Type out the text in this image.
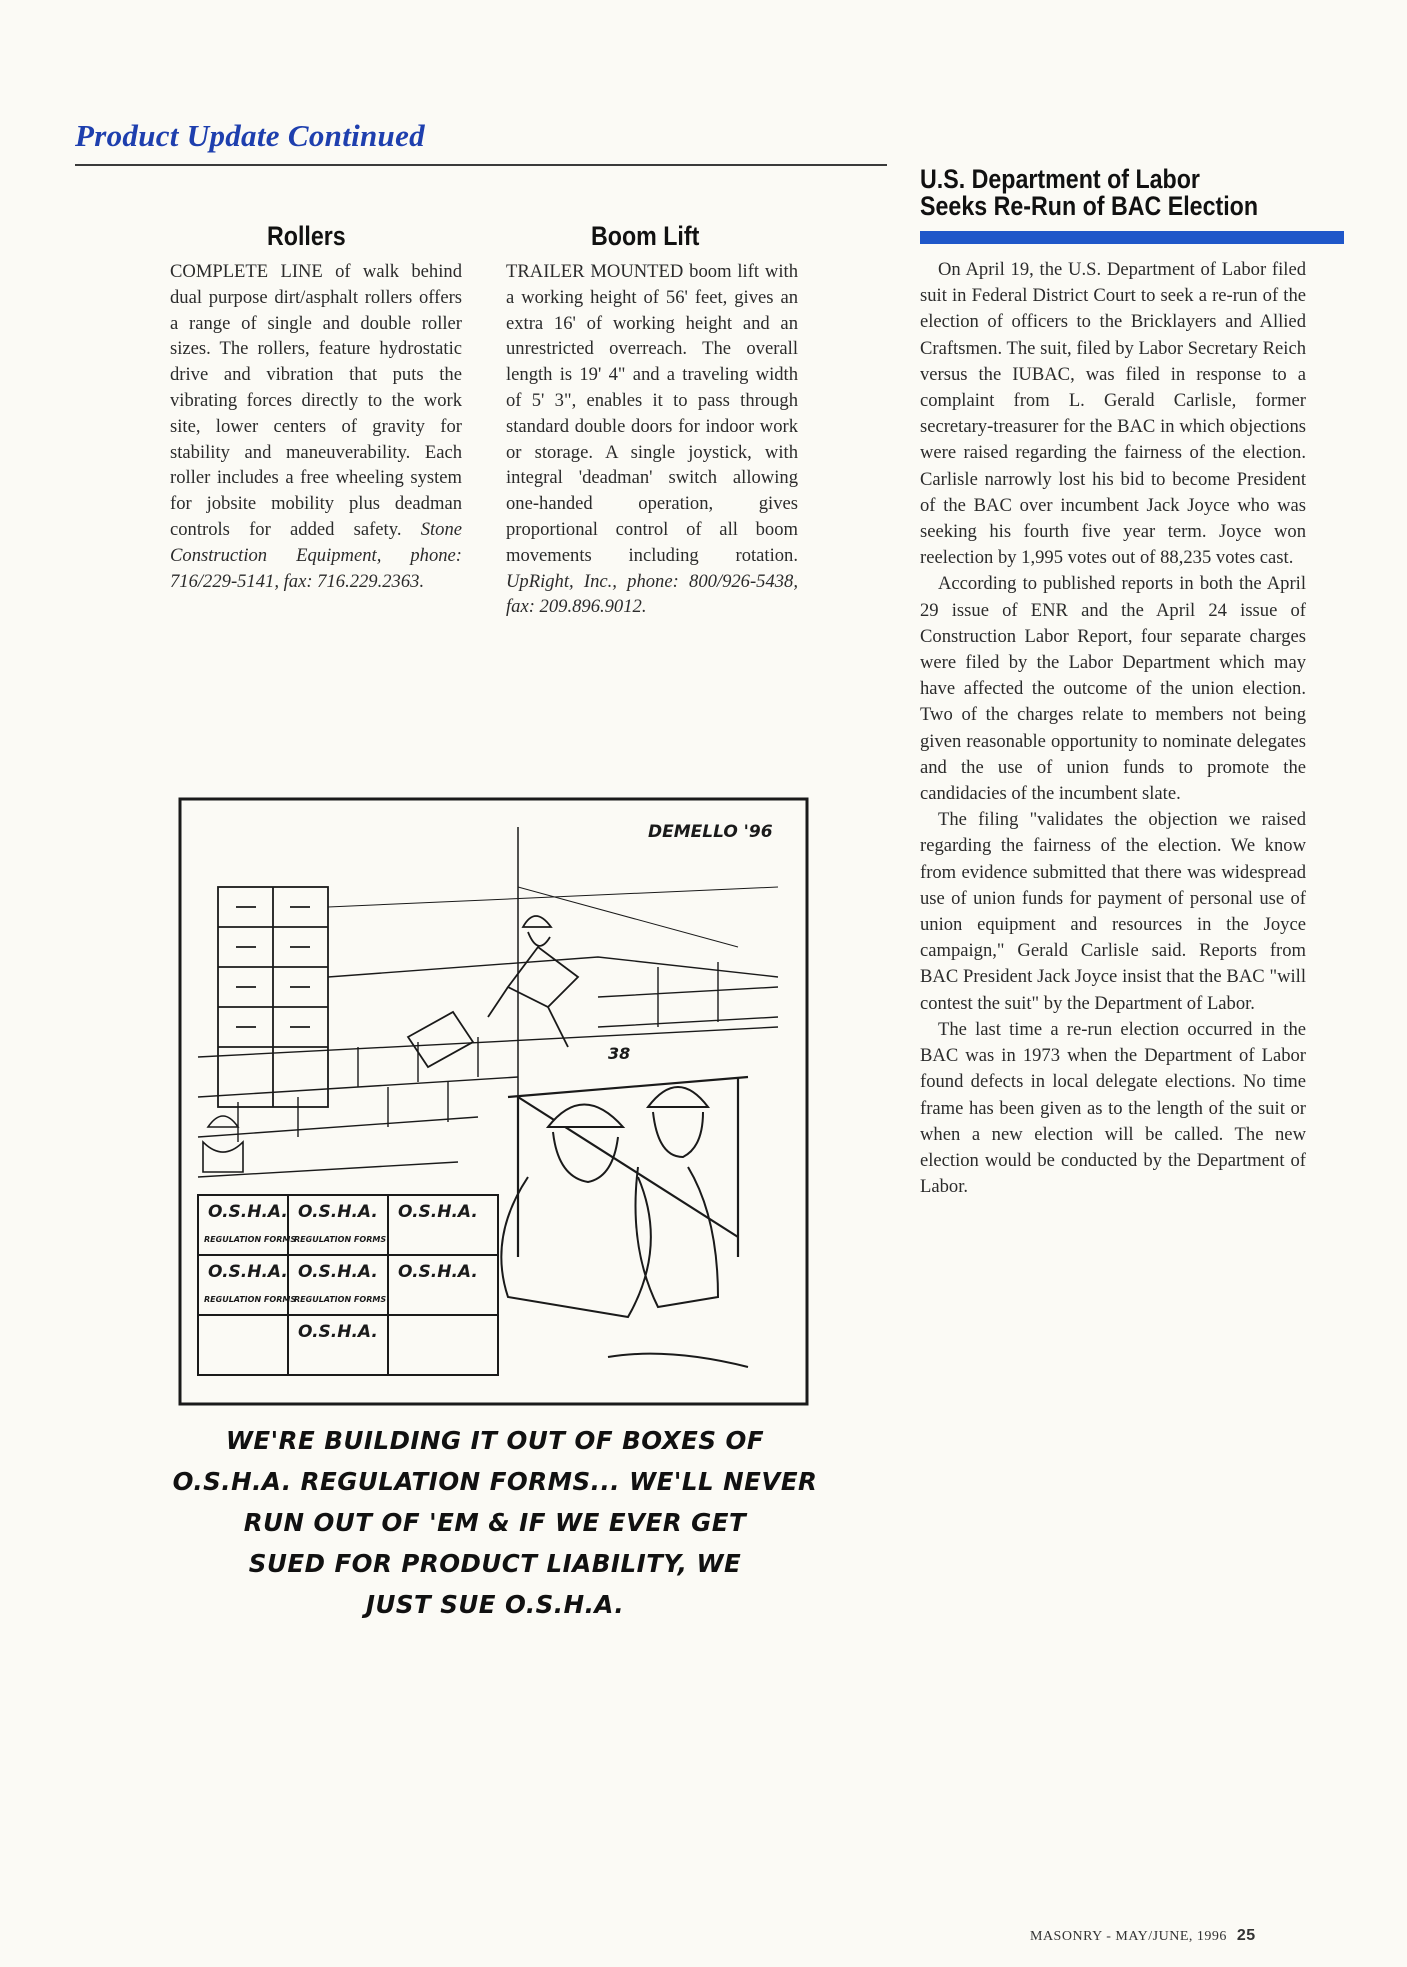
Product Update Continued
Rollers

COMPLETE LINE of walk behind dual purpose dirt/asphalt rollers offers a range of single and double roller sizes. The rollers, feature hydrostatic drive and vibration that puts the vibrating forces directly to the work site, lower centers of gravity for stability and maneuverability. Each roller includes a free wheeling system for jobsite mobility plus deadman controls for added safety. Stone Construction Equipment, phone: 716/229-5141, fax: 716.229.2363.

Boom Lift

TRAILER MOUNTED boom lift with a working height of 56' feet, gives an extra 16' of working height and an unrestricted overreach. The overall length is 19' 4" and a traveling width of 5' 3", enables it to pass through standard double doors for indoor work or storage. A single joystick, with integral 'deadman' switch allowing one-handed operation, gives proportional control of all boom movements including rotation. UpRight, Inc., phone: 800/926-5438, fax: 209.896.9012.

U.S. Department of Labor
Seeks Re-Run of BAC Election

On April 19, the U.S. Department of Labor filed suit in Federal District Court to seek a re-run of the election of officers to the Bricklayers and Allied Craftsmen. The suit, filed by Labor Secretary Reich versus the IUBAC, was filed in response to a complaint from L. Gerald Carlisle, former secretary-treasurer for the BAC in which objections were raised regarding the fairness of the election. Carlisle narrowly lost his bid to become President of the BAC over incumbent Jack Joyce who was seeking his fourth five year term. Joyce won reelection by 1,995 votes out of 88,235 votes cast.

According to published reports in both the April 29 issue of ENR and the April 24 issue of Construction Labor Report, four separate charges were filed by the Labor Department which may have affected the outcome of the union election. Two of the charges relate to members not being given reasonable opportunity to nominate delegates and the use of union funds to promote the candidacies of the incumbent slate.

The filing "validates the objection we raised regarding the fairness of the election. We know from evidence submitted that there was widespread use of union funds for payment of personal use of union equipment and resources in the Joyce campaign," Gerald Carlisle said. Reports from BAC President Jack Joyce insist that the BAC "will contest the suit" by the Department of Labor.

The last time a re-run election occurred in the BAC was in 1973 when the Department of Labor found defects in local delegate elections. No time frame has been given as to the length of the suit or when a new election will be called. The new election would be conducted by the Department of Labor.

O.S.H.A. O.S.H.A. O.S.H.A.
O.S.H.A. O.S.H.A. O.S.H.A.
O.S.H.A.
REGULATION FORMS
REGULATION FORMS
REGULATION FORMS
REGULATION FORMS
38
DEMELLO '96
WE'RE BUILDING IT OUT OF BOXES OF
O.S.H.A. REGULATION FORMS... WE'LL NEVER
RUN OUT OF 'EM & IF WE EVER GET
SUED FOR PRODUCT LIABILITY, WE
JUST SUE O.S.H.A.
MASONRY - MAY/JUNE, 1996 25
